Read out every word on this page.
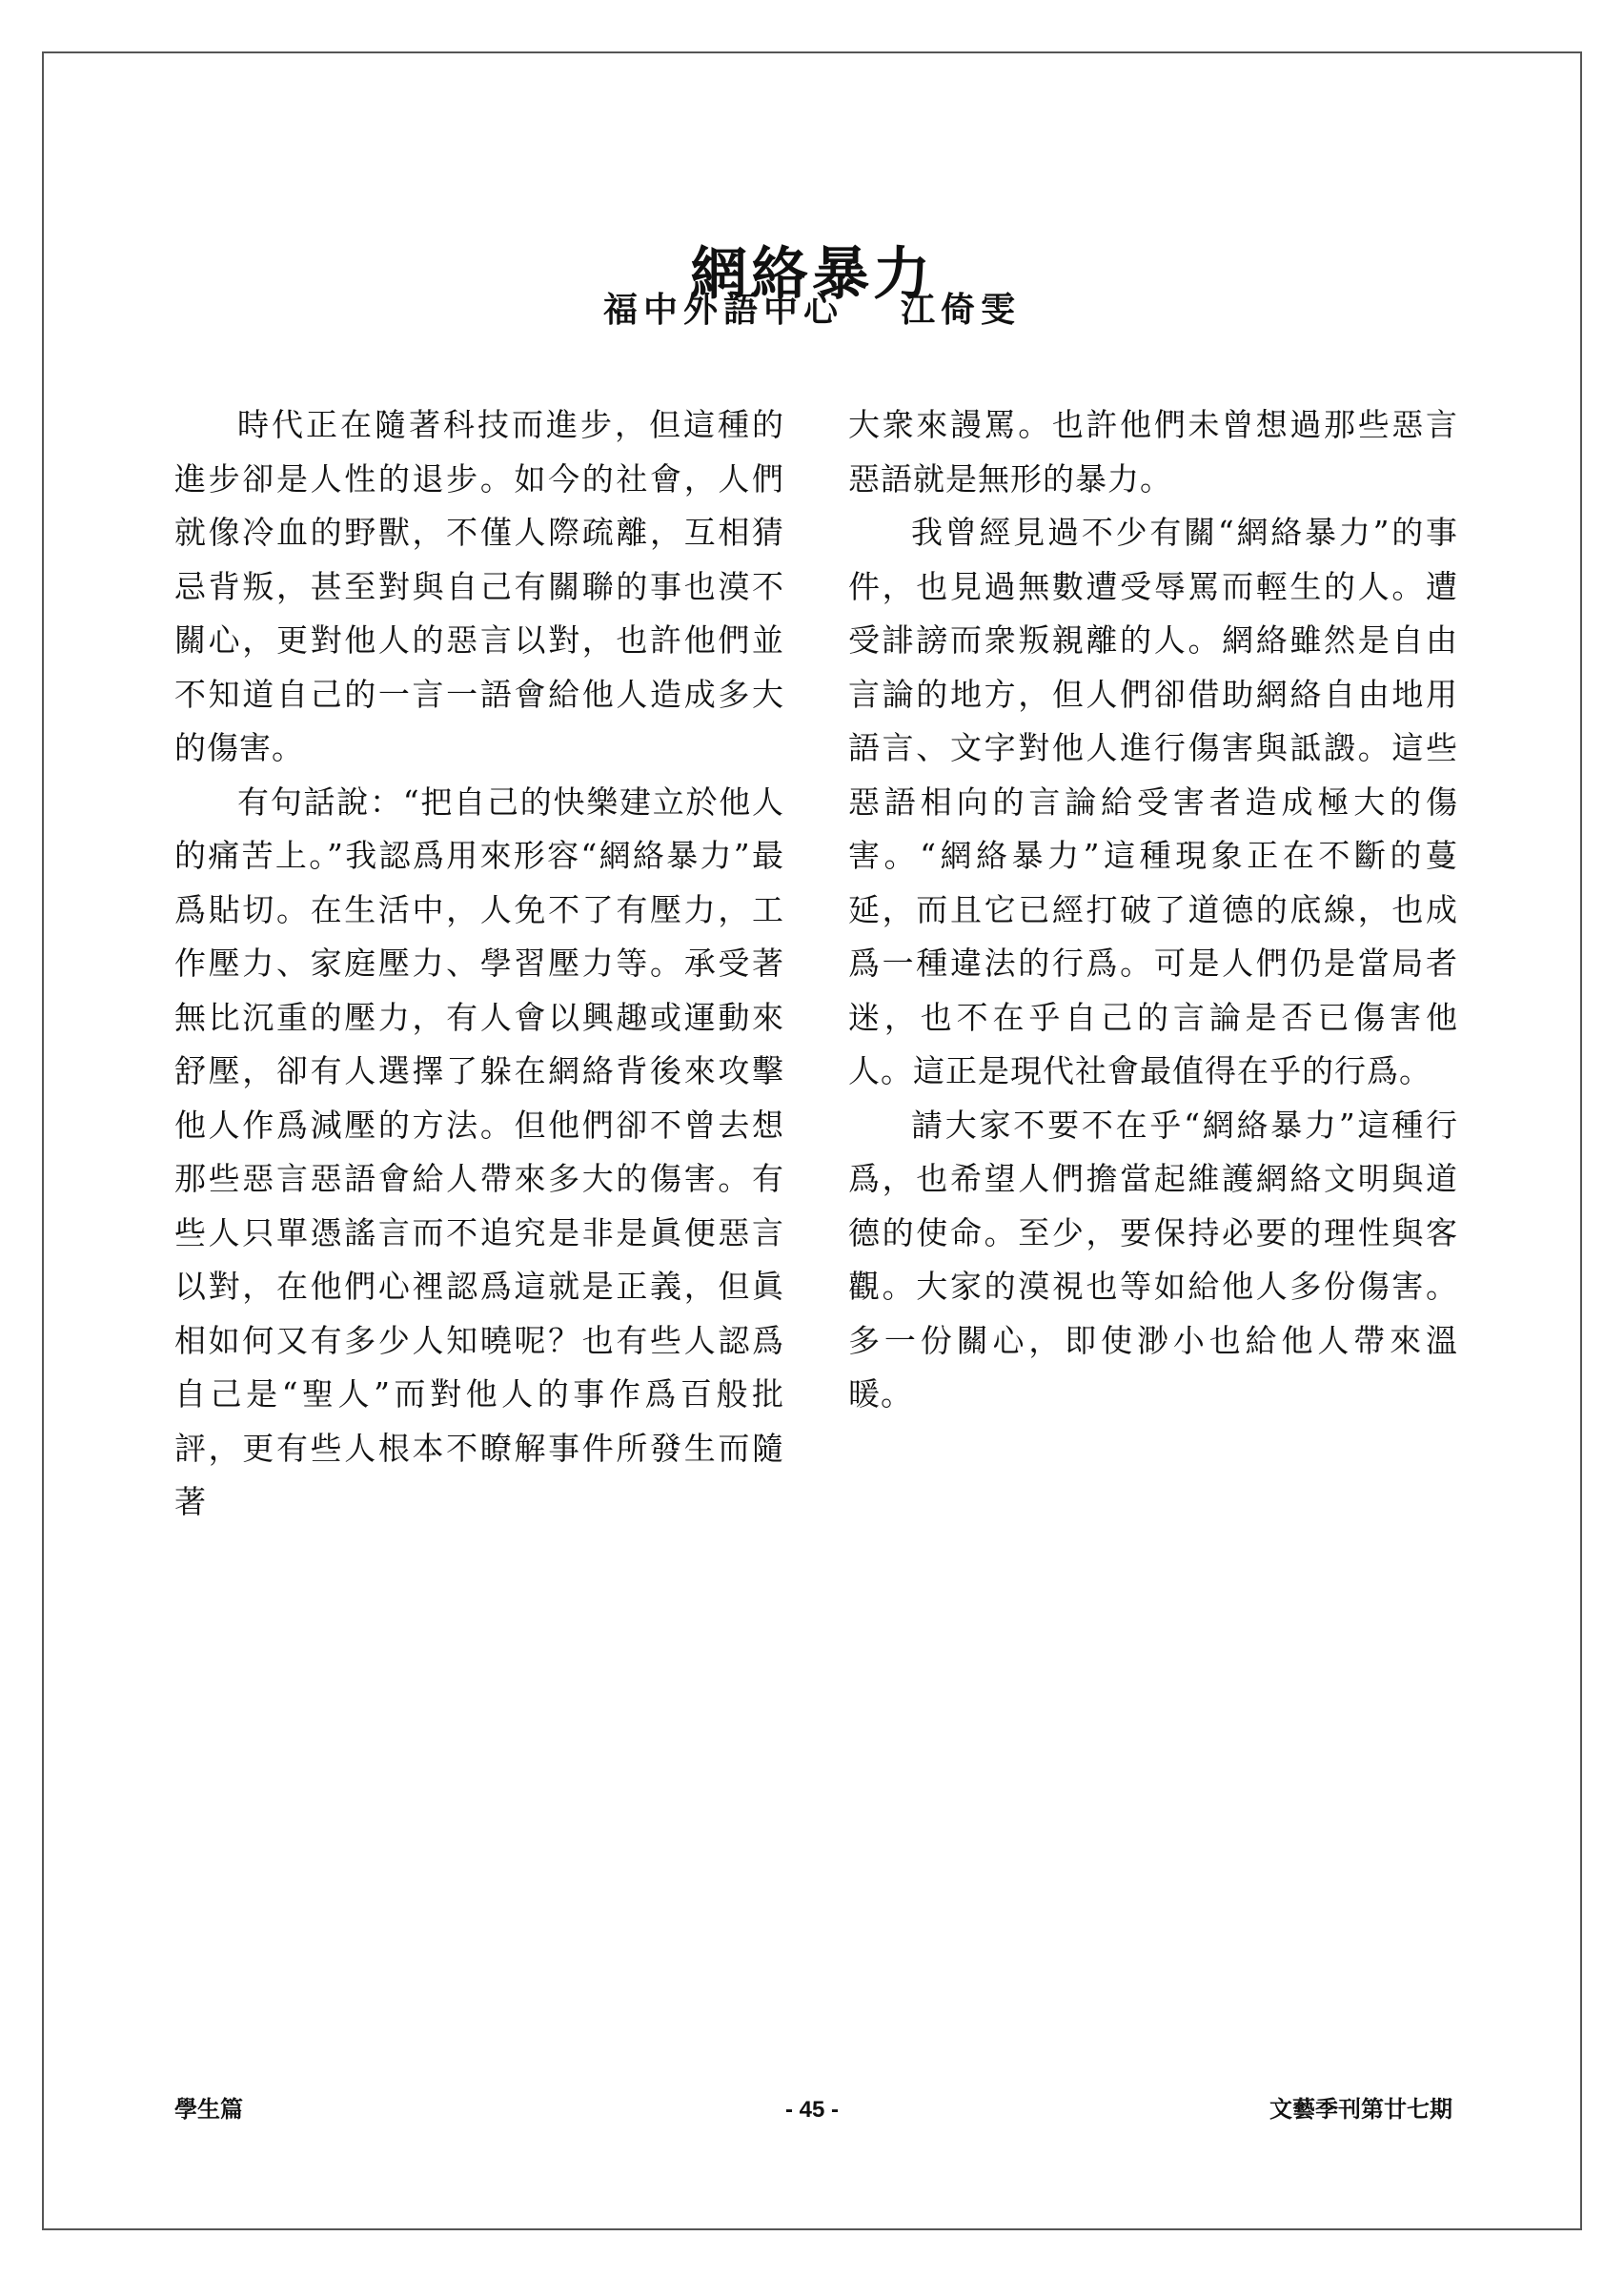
網絡暴力
福中外語中心 江倚雯

時代正在隨著科技而進步，但這種的進步卻是人性的退步。如今的社會，人們就像冷血的野獸，不僅人際疏離，互相猜忌背叛，甚至對與自己有關聯的事也漠不關心，更對他人的惡言以對，也許他們並不知道自己的一言一語會給他人造成多大的傷害。

有句話說：“把自己的快樂建立於他人的痛苦上。”我認爲用來形容“網絡暴力”最爲貼切。在生活中，人免不了有壓力，工作壓力、家庭壓力、學習壓力等。承受著無比沉重的壓力，有人會以興趣或運動來舒壓，卻有人選擇了躲在網絡背後來攻擊他人作爲減壓的方法。但他們卻不曾去想那些惡言惡語會給人帶來多大的傷害。有些人只單憑謠言而不追究是非是眞便惡言以對，在他們心裡認爲這就是正義，但眞相如何又有多少人知曉呢？也有些人認爲自己是“聖人”而對他人的事作爲百般批評，更有些人根本不瞭解事件所發生而隨著

大衆來謾罵。也許他們未曾想過那些惡言惡語就是無形的暴力。

我曾經見過不少有關“網絡暴力”的事件，也見過無數遭受辱罵而輕生的人。遭受誹謗而衆叛親離的人。網絡雖然是自由言論的地方，但人們卻借助網絡自由地用語言、文字對他人進行傷害與詆譭。這些惡語相向的言論給受害者造成極大的傷害。“網絡暴力”這種現象正在不斷的蔓延，而且它已經打破了道德的底線，也成爲一種違法的行爲。可是人們仍是當局者迷，也不在乎自己的言論是否已傷害他人。這正是現代社會最值得在乎的行爲。

請大家不要不在乎“網絡暴力”這種行爲，也希望人們擔當起維護網絡文明與道德的使命。至少，要保持必要的理性與客觀。大家的漠視也等如給他人多份傷害。多一份關心，即使渺小也給他人帶來溫暖。

學生篇	- 45 -	文藝季刊第廿七期
